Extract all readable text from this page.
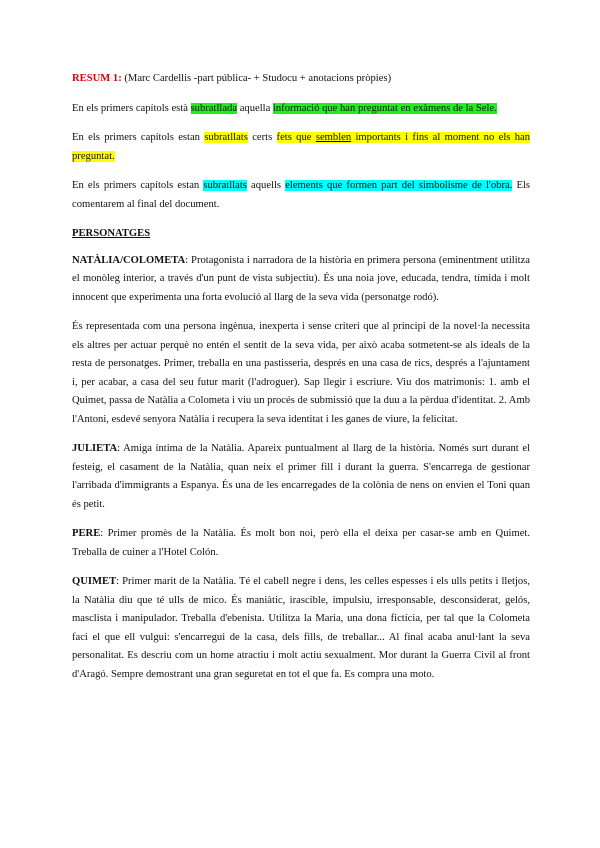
RESUM 1: (Marc Cardellis -part pública- + Studocu + anotacions pròpies)

En els primers capítols està subratllada aquella informació que han preguntat en exàmens de la Sele.

En els primers capítols estan subratllats certs fets que semblen importants i fins al moment no els han preguntat.

En els primers capítols estan subratllats aquells elements que formen part del simbolisme de l'obra. Els comentarem al final del document.

PERSONATGES

NATÀLIA/COLOMETA: Protagonista i narradora de la història en primera persona (eminentment utilitza el monòleg interior, a través d'un punt de vista subjectiu). És una noia jove, educada, tendra, tímida i molt innocent que experimenta una forta evolució al llarg de la seva vida (personatge rodó).

És representada com una persona ingènua, inexperta i sense criteri que al principi de la novel·la necessita els altres per actuar perquè no entén el sentit de la seva vida, per això acaba sotmetent-se als ideals de la resta de personatges. Primer, treballa en una pastisseria, després en una casa de rics, després a l'ajuntament i, per acabar, a casa del seu futur marit (l'adroguer). Sap llegir i escriure. Viu dos matrimonis: 1. amb el Quimet, passa de Natàlia a Colometa i viu un procés de submissió que la duu a la pèrdua d'identitat. 2. Amb l'Antoni, esdevé senyora Natàlia i recupera la seva identitat i les ganes de viure, la felicitat.

JULIETA: Amiga íntima de la Natàlia. Apareix puntualment al llarg de la història. Només surt durant el festeig, el casament de la Natàlia, quan neix el primer fill i durant la guerra. S'encarrega de gestionar l'arribada d'immigrants a Espanya. És una de les encarregades de la colònia de nens on envien el Toni quan és petit.

PERE: Primer promès de la Natàlia. És molt bon noi, però ella el deixa per casar-se amb en Quimet. Treballa de cuiner a l'Hotel Colón.

QUIMET: Primer marit de la Natàlia. Té el cabell negre i dens, les celles espesses i els ulls petits i lletjos, la Natàlia diu que té ulls de mico. És maniàtic, irascible, impulsiu, irresponsable, desconsiderat, gelós, masclista i manipulador. Treballa d'ebenista. Utilitza la Maria, una dona fictícia, per tal que la Colometa faci el que ell vulgui: s'encarregui de la casa, dels fills, de treballar... Al final acaba anul·lant la seva personalitat. Es descriu com un home atractiu i molt actiu sexualment. Mor durant la Guerra Civil al front d'Aragó. Sempre demostrant una gran seguretat en tot el que fa. Es compra una moto.
